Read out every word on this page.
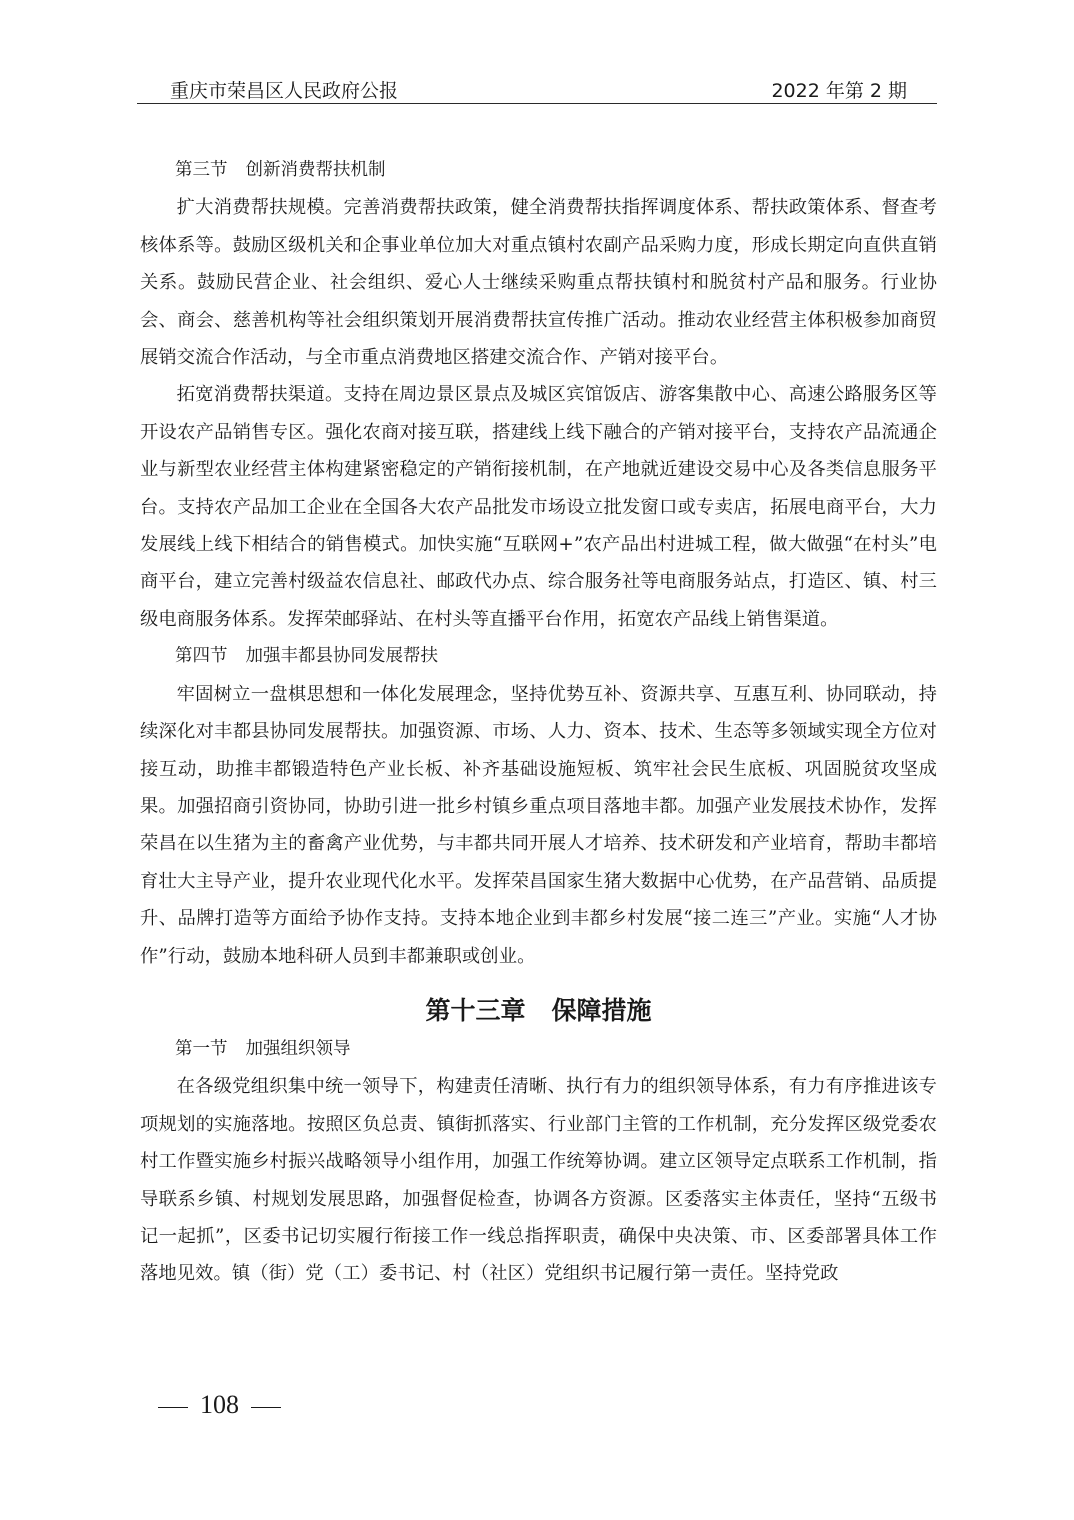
重庆市荣昌区人民政府公报	2022 年第 2 期
第三节 创新消费帮扶机制

扩大消费帮扶规模。完善消费帮扶政策，健全消费帮扶指挥调度体系、帮扶政策体系、督查考核体系等。鼓励区级机关和企事业单位加大对重点镇村农副产品采购力度，形成长期定向直供直销关系。鼓励民营企业、社会组织、爱心人士继续采购重点帮扶镇村和脱贫村产品和服务。行业协会、商会、慈善机构等社会组织策划开展消费帮扶宣传推广活动。推动农业经营主体积极参加商贸展销交流合作活动，与全市重点消费地区搭建交流合作、产销对接平台。

拓宽消费帮扶渠道。支持在周边景区景点及城区宾馆饭店、游客集散中心、高速公路服务区等开设农产品销售专区。强化农商对接互联，搭建线上线下融合的产销对接平台，支持农产品流通企业与新型农业经营主体构建紧密稳定的产销衔接机制，在产地就近建设交易中心及各类信息服务平台。支持农产品加工企业在全国各大农产品批发市场设立批发窗口或专卖店，拓展电商平台，大力发展线上线下相结合的销售模式。加快实施“互联网+”农产品出村进城工程，做大做强“在村头”电商平台，建立完善村级益农信息社、邮政代办点、综合服务社等电商服务站点，打造区、镇、村三级电商服务体系。发挥荣邮驿站、在村头等直播平台作用，拓宽农产品线上销售渠道。

第四节 加强丰都县协同发展帮扶

牢固树立一盘棋思想和一体化发展理念，坚持优势互补、资源共享、互惠互利、协同联动，持续深化对丰都县协同发展帮扶。加强资源、市场、人力、资本、技术、生态等多领域实现全方位对接互动，助推丰都锻造特色产业长板、补齐基础设施短板、筑牢社会民生底板、巩固脱贫攻坚成果。加强招商引资协同，协助引进一批乡村镇乡重点项目落地丰都。加强产业发展技术协作，发挥荣昌在以生猪为主的畜禽产业优势，与丰都共同开展人才培养、技术研发和产业培育，帮助丰都培育壮大主导产业，提升农业现代化水平。发挥荣昌国家生猪大数据中心优势，在产品营销、品质提升、品牌打造等方面给予协作支持。支持本地企业到丰都乡村发展“接二连三”产业。实施“人才协作”行动，鼓励本地科研人员到丰都兼职或创业。

第十三章 保障措施
第一节 加强组织领导

在各级党组织集中统一领导下，构建责任清晰、执行有力的组织领导体系，有力有序推进该专项规划的实施落地。按照区负总责、镇街抓落实、行业部门主管的工作机制，充分发挥区级党委农村工作暨实施乡村振兴战略领导小组作用，加强工作统筹协调。建立区领导定点联系工作机制，指导联系乡镇、村规划发展思路，加强督促检查，协调各方资源。区委落实主体责任，坚持“五级书记一起抓”，区委书记切实履行衔接工作一线总指挥职责，确保中央决策、市、区委部署具体工作落地见效。镇（街）党（工）委书记、村（社区）党组织书记履行第一责任。坚持党政

108
